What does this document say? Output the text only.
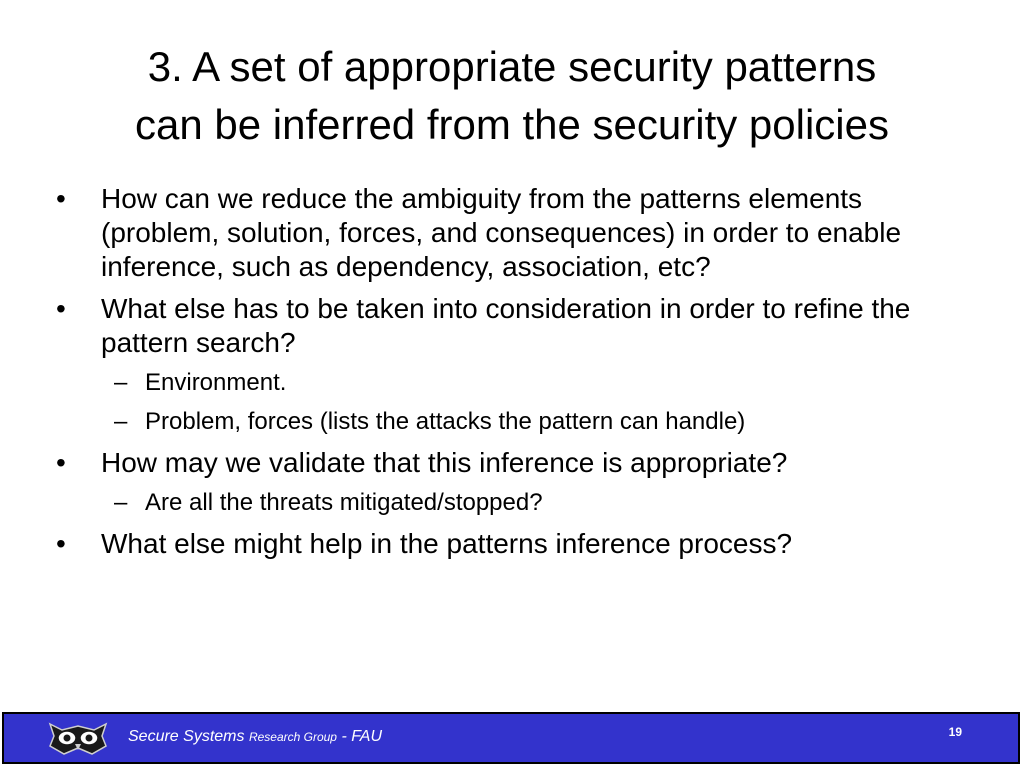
3. A set of appropriate security patterns
can be inferred from the security policies
•	How can we reduce the ambiguity from the patterns elements (problem, solution, forces, and consequences) in order to enable inference, such as dependency, association, etc?
•	What else has to be taken into consideration in order to refine the pattern search?
– Environment.
– Problem, forces (lists the attacks the pattern can handle)
•	How may we validate that this inference is appropriate?
– Are all the threats mitigated/stopped?
•	What else might help in the patterns inference process?
Secure Systems Research Group - FAU	19
